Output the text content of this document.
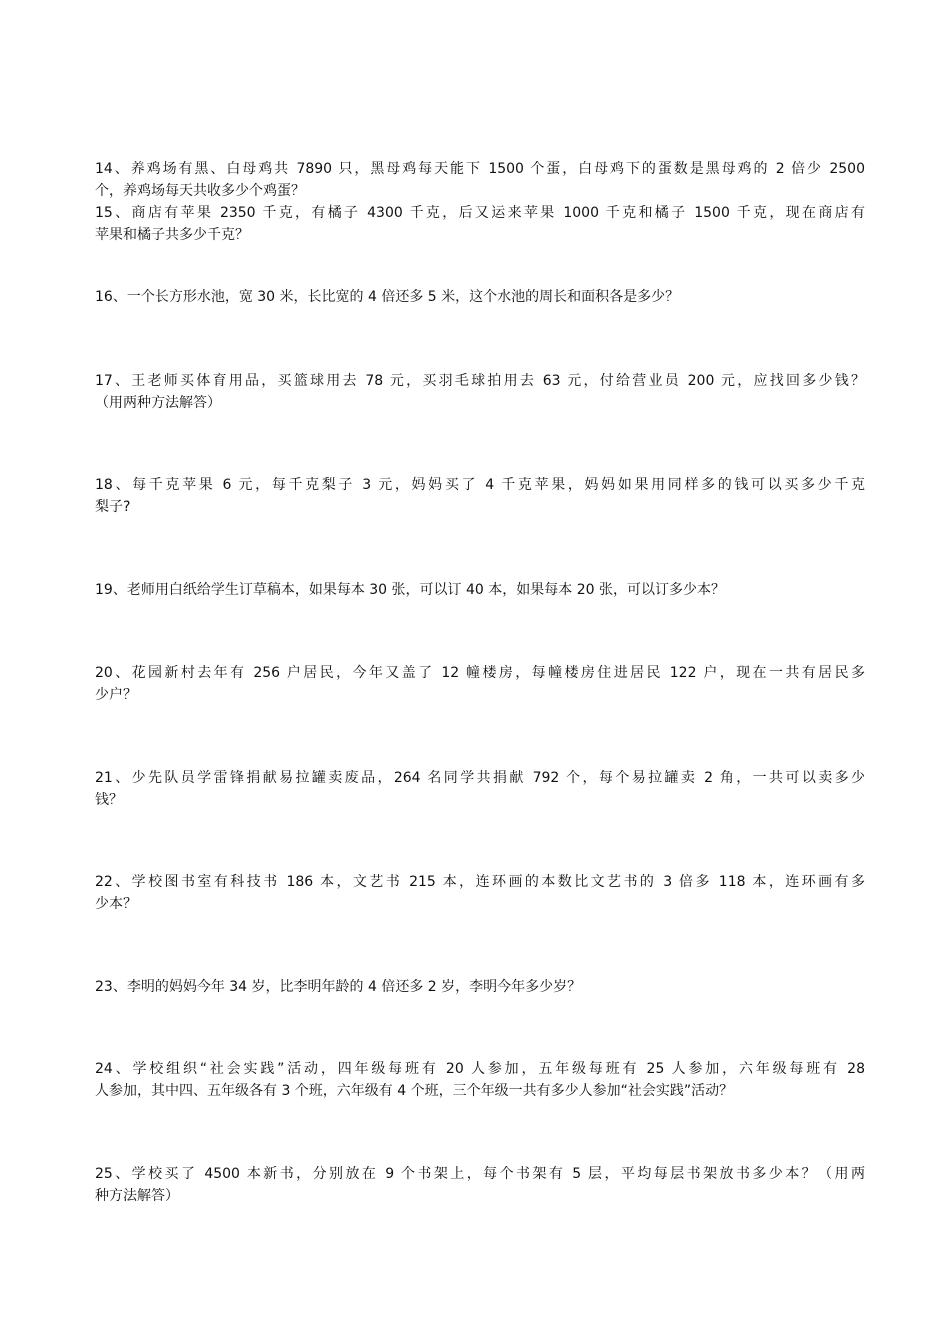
14、养鸡场有黑、白母鸡共 7890 只，黑母鸡每天能下 1500 个蛋，白母鸡下的蛋数是黑母鸡的 2 倍少 2500
个，养鸡场每天共收多少个鸡蛋？
15、商店有苹果 2350 千克，有橘子 4300 千克，后又运来苹果 1000 千克和橘子 1500 千克，现在商店有
苹果和橘子共多少千克？
16、一个长方形水池，宽 30 米，长比宽的 4 倍还多 5 米，这个水池的周长和面积各是多少？
17、王老师买体育用品，买篮球用去 78 元，买羽毛球拍用去 63 元，付给营业员 200 元，应找回多少钱？
（用两种方法解答）
18、每千克苹果 6 元，每千克梨子 3 元，妈妈买了 4 千克苹果，妈妈如果用同样多的钱可以买多少千克
梨子?
19、老师用白纸给学生订草稿本，如果每本 30 张，可以订 40 本，如果每本 20 张，可以订多少本？
20、花园新村去年有 256 户居民，今年又盖了 12 幢楼房，每幢楼房住进居民 122 户，现在一共有居民多
少户？
21、少先队员学雷锋捐献易拉罐卖废品，264 名同学共捐献 792 个，每个易拉罐卖 2 角，一共可以卖多少
钱？
22、学校图书室有科技书 186 本，文艺书 215 本，连环画的本数比文艺书的 3 倍多 118 本，连环画有多
少本？
23、李明的妈妈今年 34 岁，比李明年龄的 4 倍还多 2 岁，李明今年多少岁？
24、学校组织“社会实践”活动，四年级每班有 20 人参加，五年级每班有 25 人参加，六年级每班有 28
人参加，其中四、五年级各有 3 个班，六年级有 4 个班，三个年级一共有多少人参加“社会实践”活动？
25、学校买了 4500 本新书，分别放在 9 个书架上，每个书架有 5 层，平均每层书架放书多少本？（用两
种方法解答）
